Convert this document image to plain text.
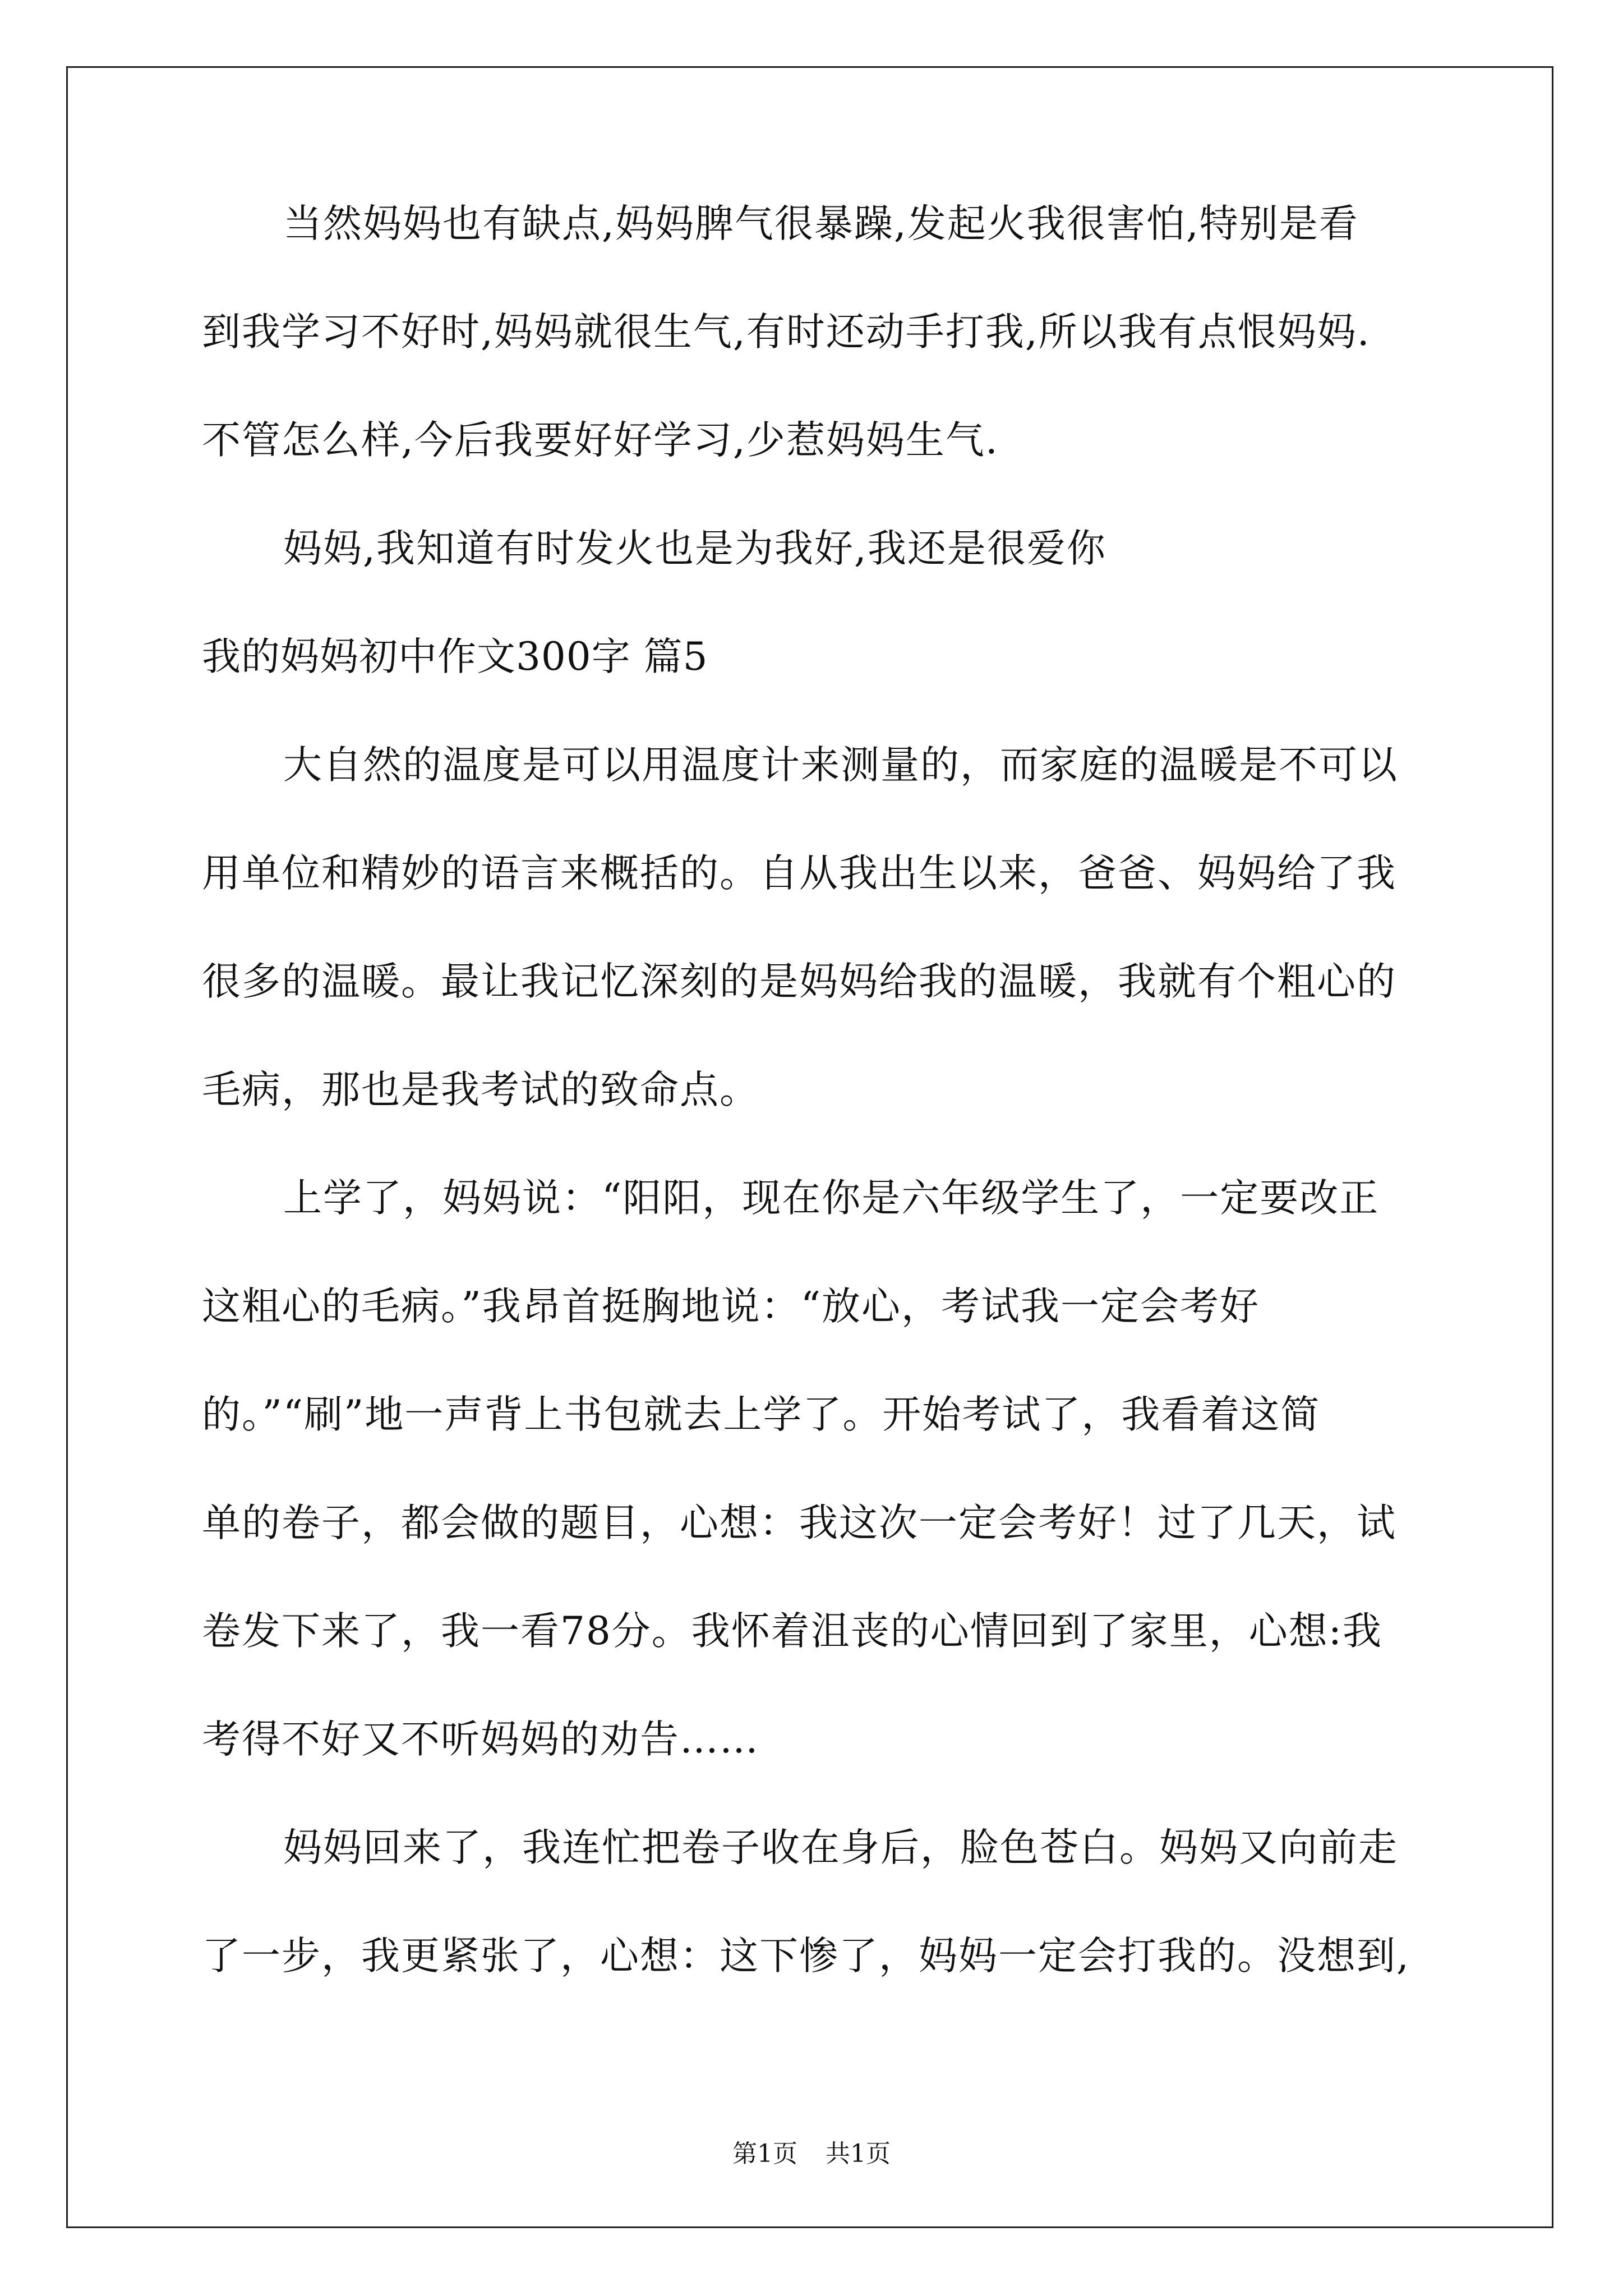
当然妈妈也有缺点,妈妈脾气很暴躁,发起火我很害怕,特别是看
到我学习不好时,妈妈就很生气,有时还动手打我,所以我有点恨妈妈.
不管怎么样,今后我要好好学习,少惹妈妈生气.
妈妈,我知道有时发火也是为我好,我还是很爱你
我的妈妈初中作文300字 篇5
大自然的温度是可以用温度计来测量的，而家庭的温暖是不可以
用单位和精妙的语言来概括的。自从我出生以来，爸爸、妈妈给了我
很多的温暖。最让我记忆深刻的是妈妈给我的温暖，我就有个粗心的
毛病，那也是我考试的致命点。
上学了，妈妈说：“阳阳，现在你是六年级学生了，一定要改正
这粗心的毛病。”我昂首挺胸地说：“放心，考试我一定会考好
的。”“刷”地一声背上书包就去上学了。开始考试了，我看着这简
单的卷子，都会做的题目，心想：我这次一定会考好！过了几天，试
卷发下来了，我一看78分。我怀着沮丧的心情回到了家里，心想:我
考得不好又不听妈妈的劝告……
妈妈回来了，我连忙把卷子收在身后，脸色苍白。妈妈又向前走
了一步，我更紧张了，心想：这下惨了，妈妈一定会打我的。没想到,
第1页 共1页
